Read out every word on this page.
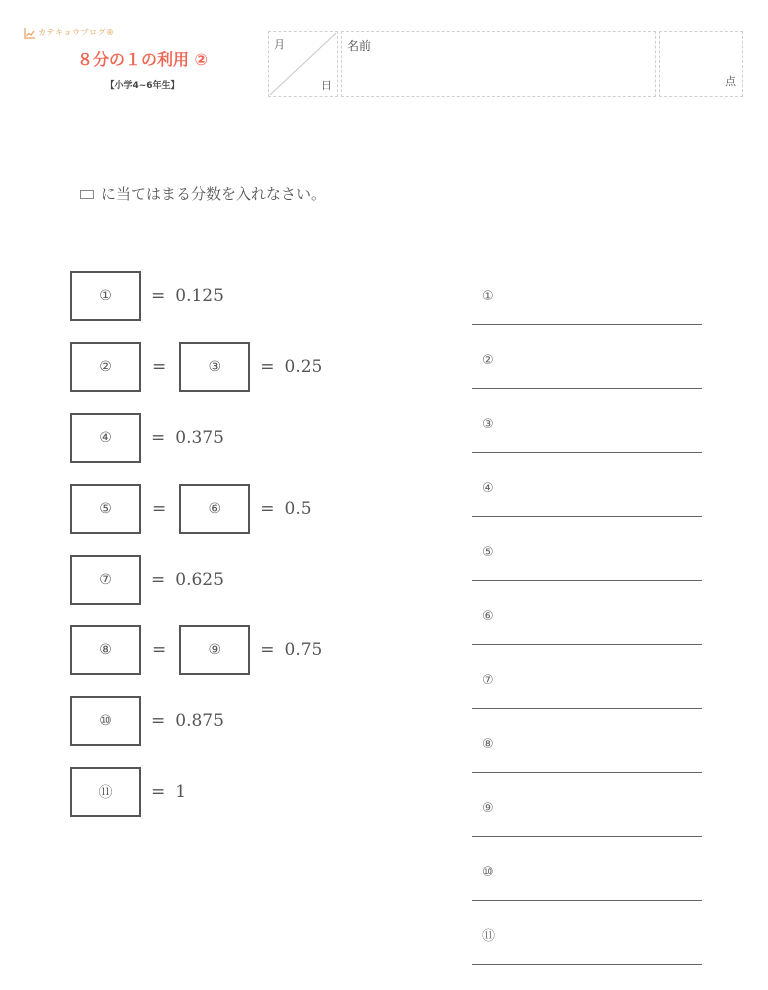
カテキョウブログ®
８分の１の利用 ②
【小学4~6年生】
月
日
名前
点
に当てはまる分数を入れなさい。
①	= 0.125
②	=	③	= 0.25
④	= 0.375
⑤	=	⑥	= 0.5
⑦	= 0.625
⑧	=	⑨	= 0.75
⑩	= 0.875
⑪	= 1
①
②
③
④
⑤
⑥
⑦
⑧
⑨
⑩
⑪
